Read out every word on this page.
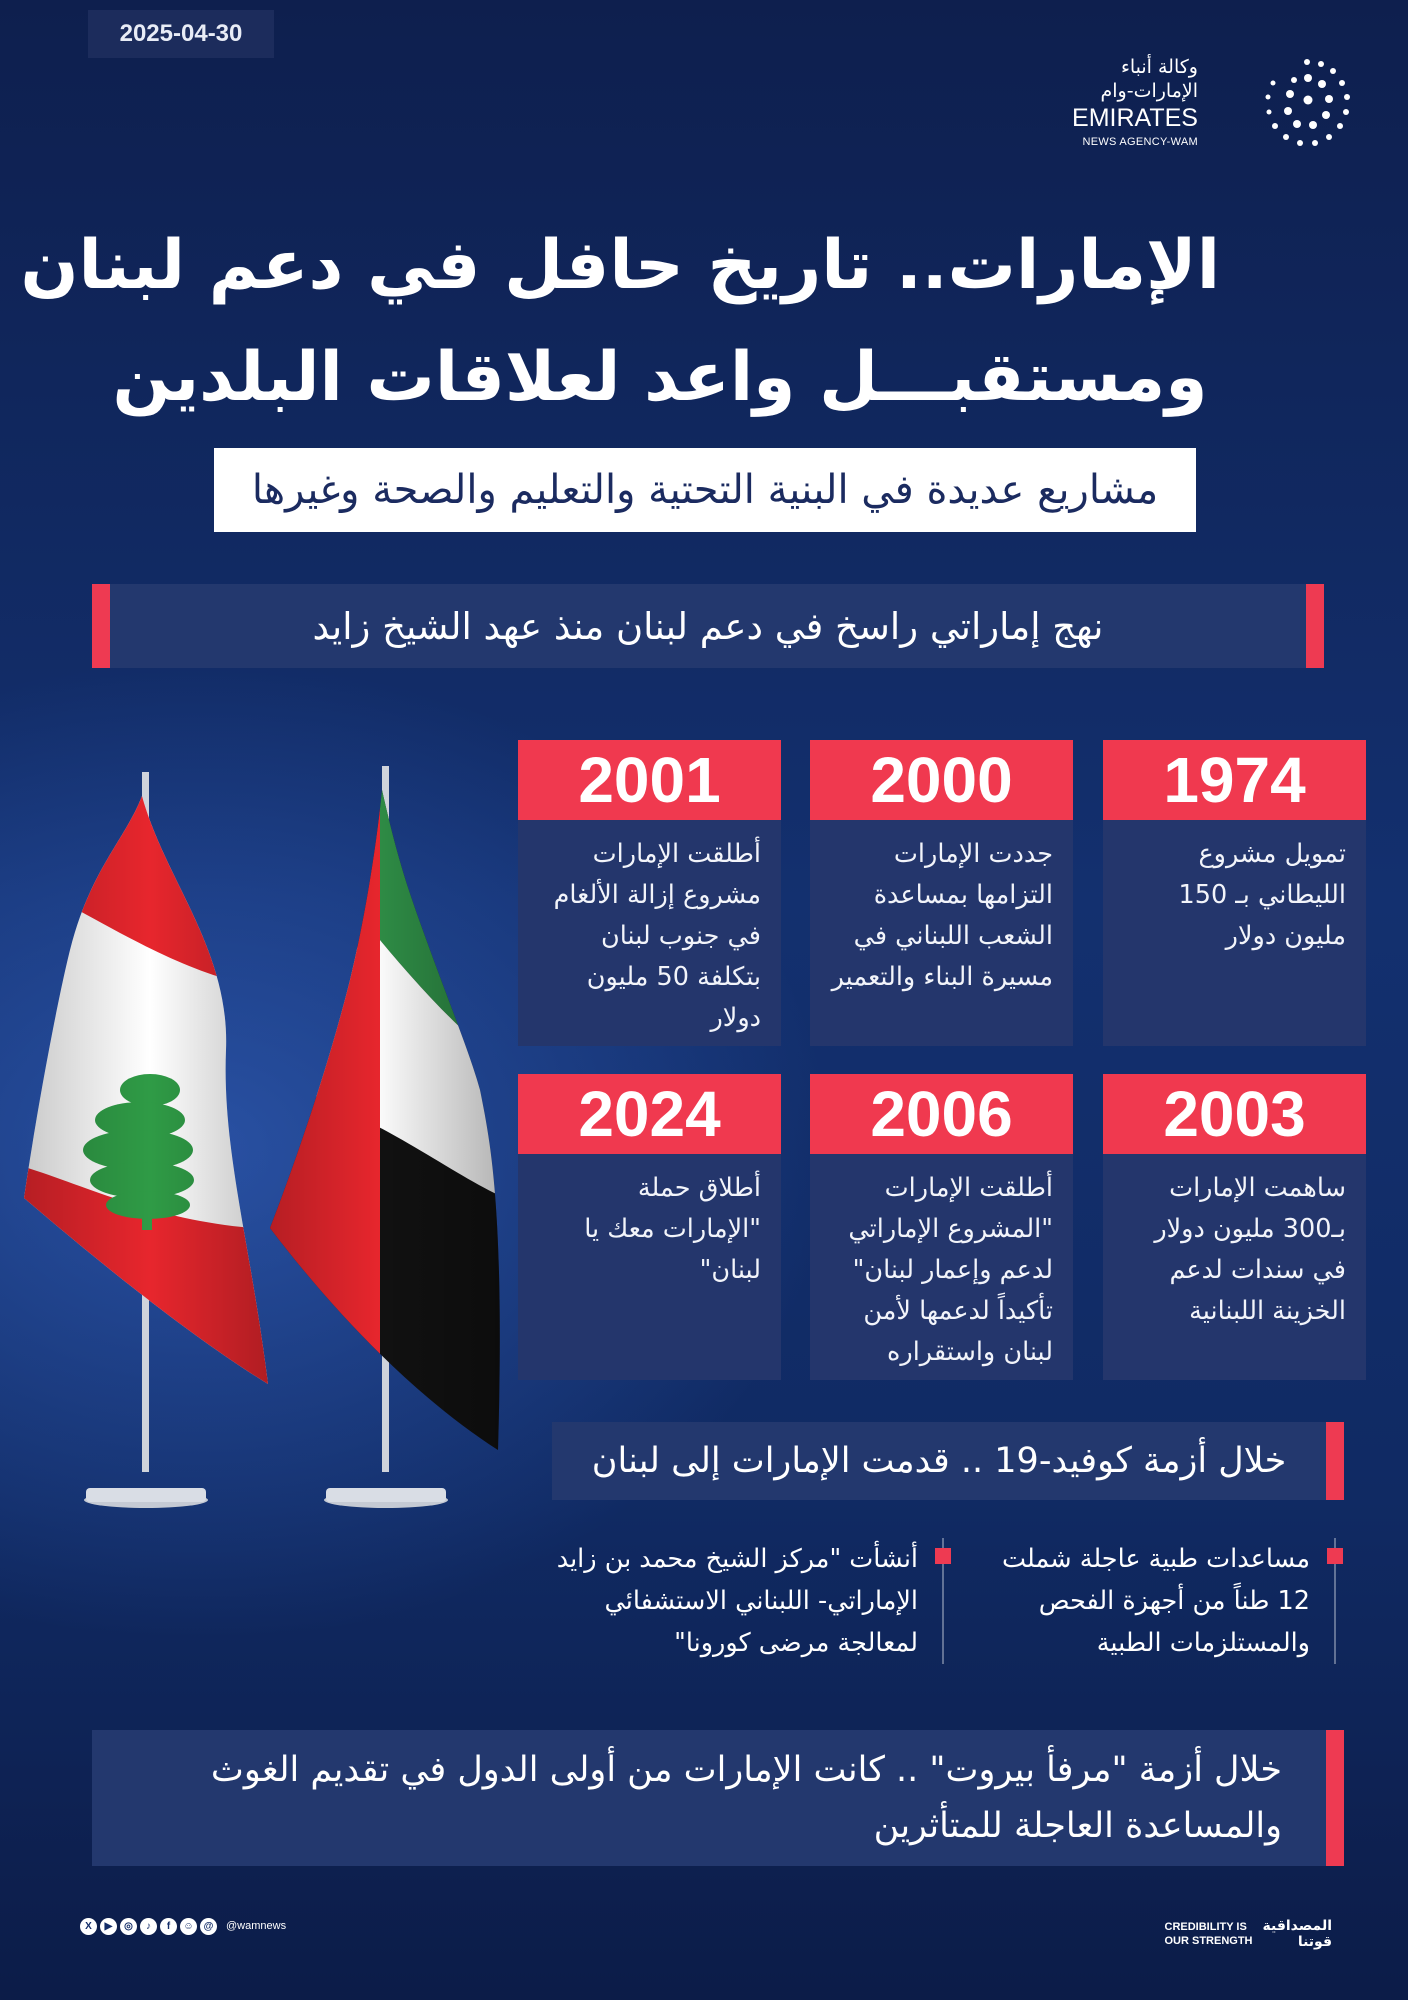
2025-04-30
وكالة أنباء
الإمارات-وام
EMIRATES
NEWS AGENCY-WAM
الإمارات.. تاريخ حافل في دعم لبنان
ومستقبـــل واعد لعلاقات البلدين
مشاريع عديدة في البنية التحتية والتعليم والصحة وغيرها
نهج إماراتي راسخ في دعم لبنان منذ عهد الشيخ زايد
1974
تمويل مشروع الليطاني بـ 150 مليون دولار
2000
جددت الإمارات التزامها بمساعدة الشعب اللبناني في مسيرة البناء والتعمير
2001
أطلقت الإمارات مشروع إزالة الألغام في جنوب لبنان بتكلفة 50 مليون دولار
2003
ساهمت الإمارات بـ300 مليون دولار في سندات لدعم الخزينة اللبنانية
2006
أطلقت الإمارات "المشروع الإماراتي لدعم وإعمار لبنان" تأكيداً لدعمها لأمن لبنان واستقراره
2024
أطلاق حملة "الإمارات معك يا لبنان"
خلال أزمة كوفيد-19 .. قدمت الإمارات إلى لبنان
مساعدات طبية عاجلة شملت 12 طناً من أجهزة الفحص والمستلزمات الطبية
أنشأت "مركز الشيخ محمد بن زايد الإماراتي- اللبناني الاستشفائي لمعالجة مرضى كورونا"
خلال أزمة "مرفأ بيروت" .. كانت الإمارات من أولى الدول في تقديم الغوث والمساعدة العاجلة للمتأثرين
X	▶	◎	♪	f	☺	@	@wamnews	CREDIBILITY IS
OUR STRENGTH
المصداقية
قوتنا
